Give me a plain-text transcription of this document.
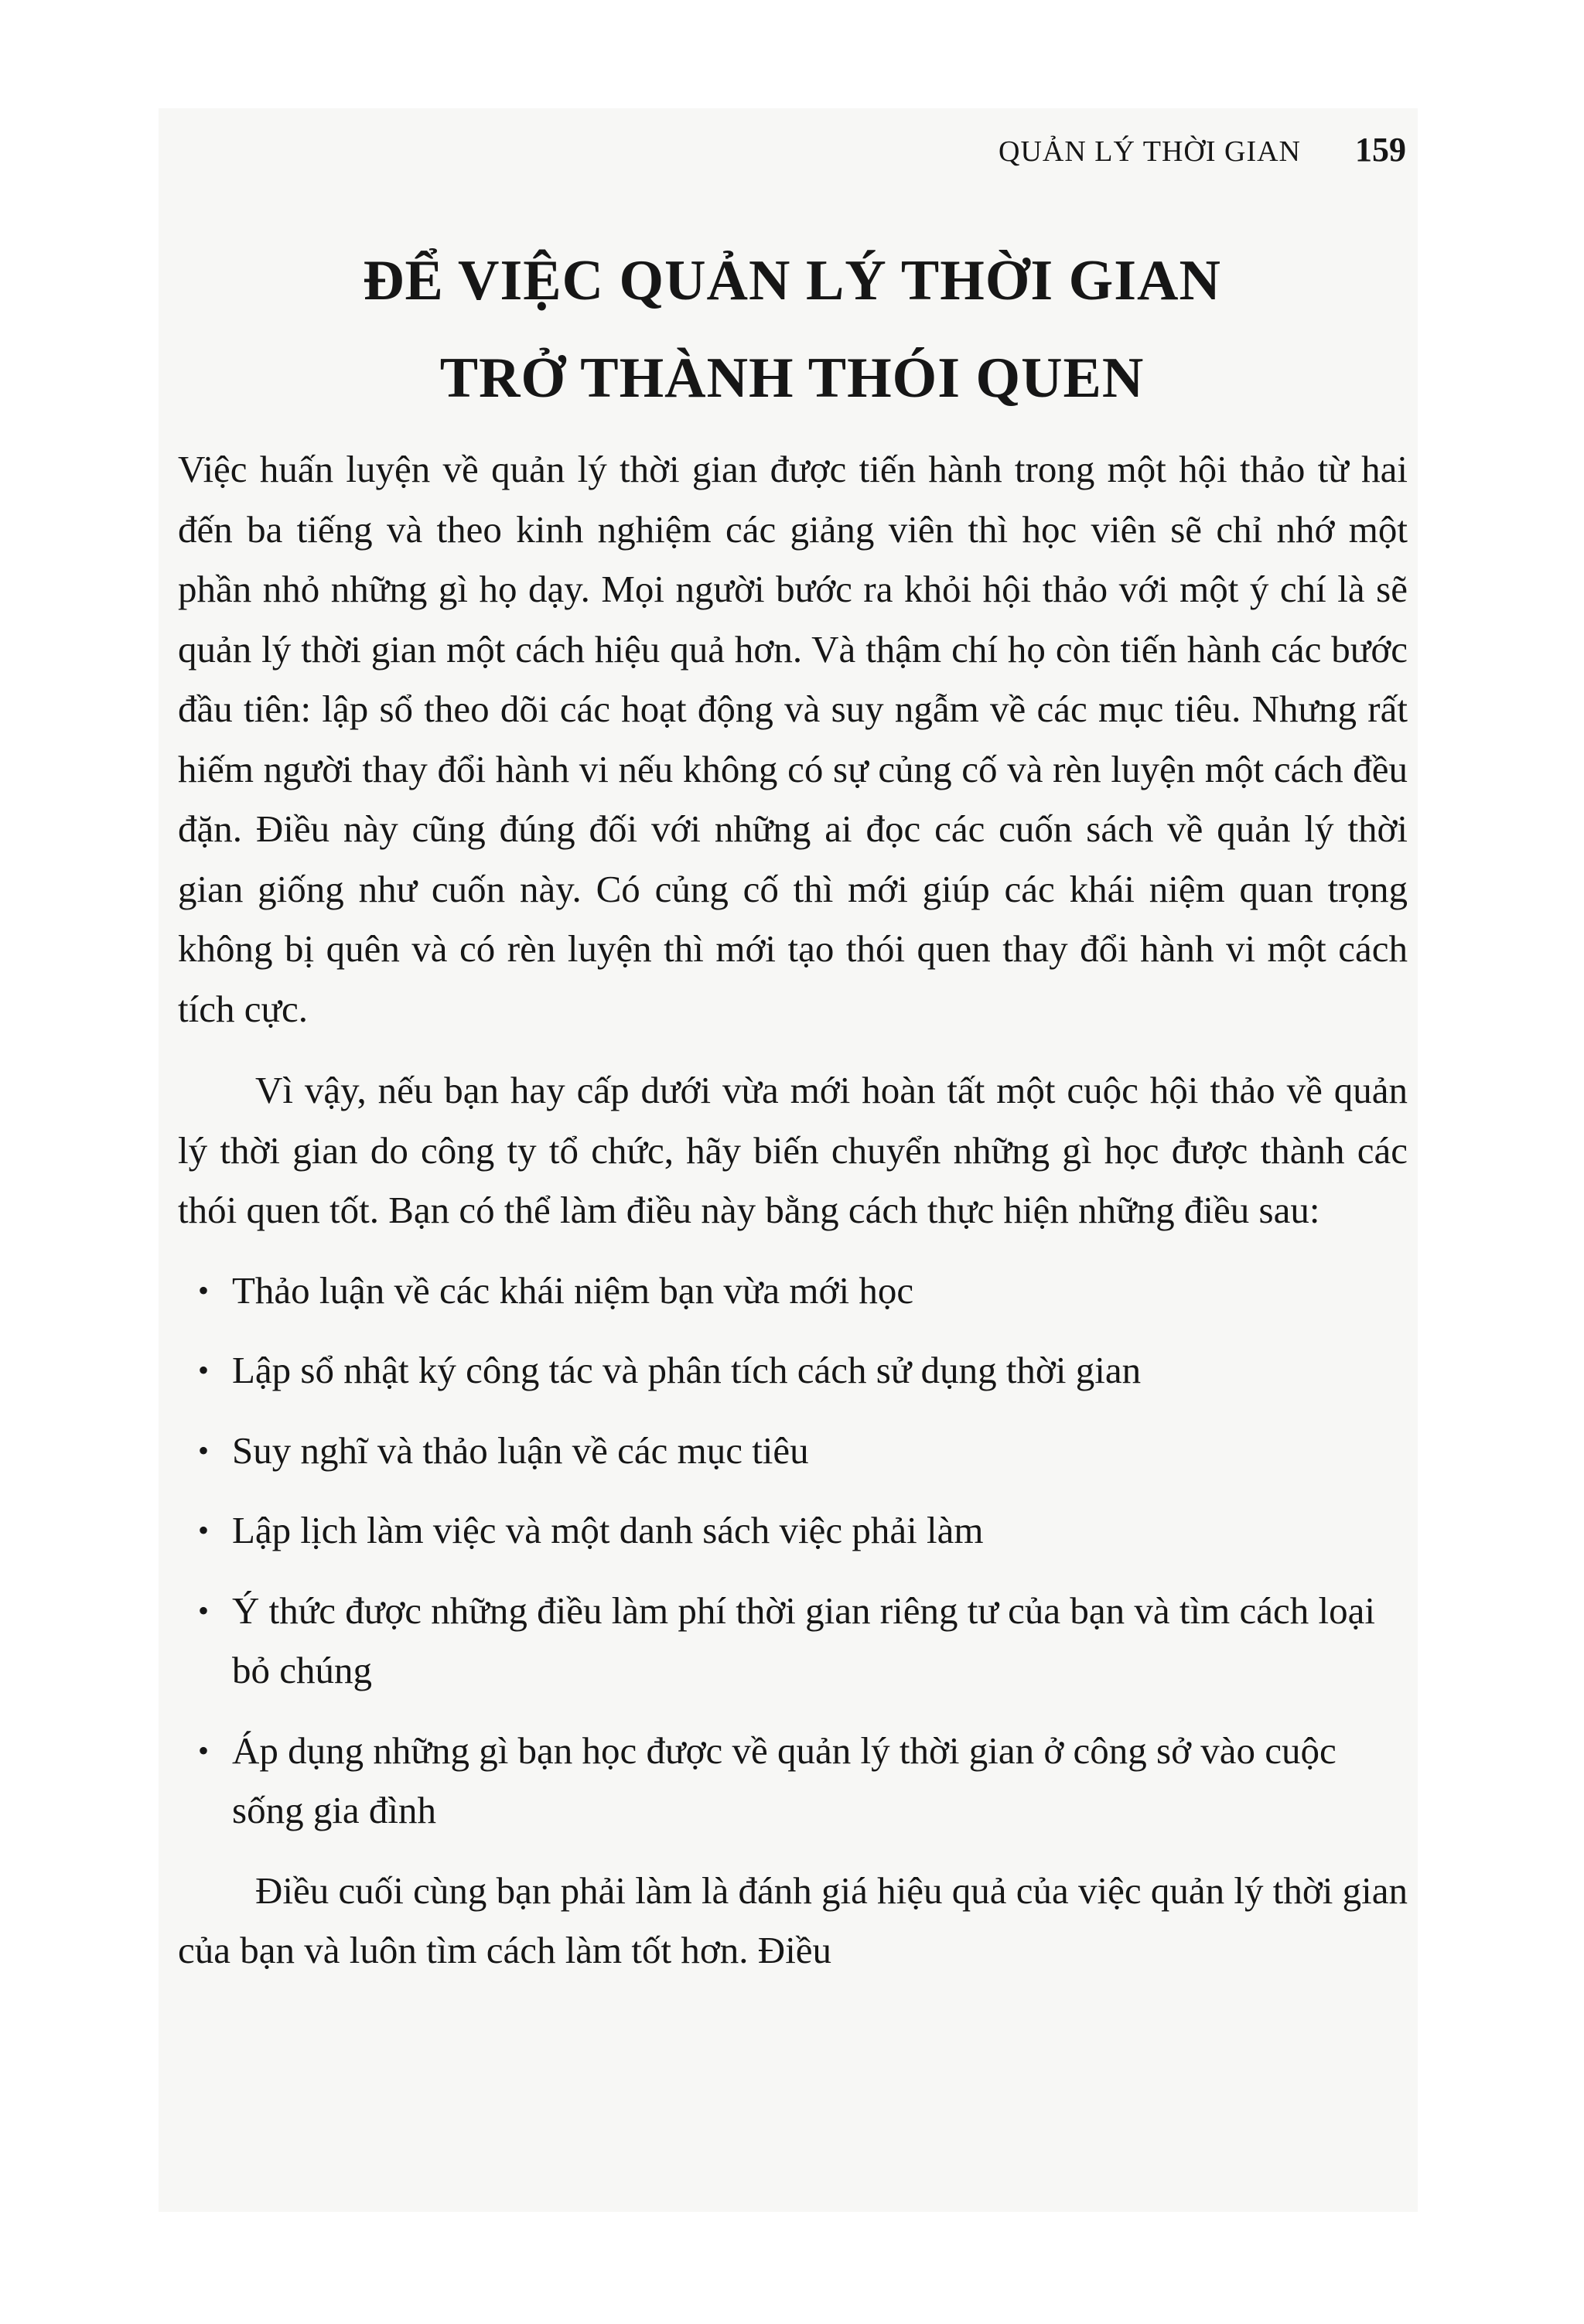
QUẢN LÝ THỜI GIAN 159
ĐỂ VIỆC QUẢN LÝ THỜI GIAN
TRỞ THÀNH THÓI QUEN

Việc huấn luyện về quản lý thời gian được tiến hành trong một hội thảo từ hai đến ba tiếng và theo kinh nghiệm các giảng viên thì học viên sẽ chỉ nhớ một phần nhỏ những gì họ dạy. Mọi người bước ra khỏi hội thảo với một ý chí là sẽ quản lý thời gian một cách hiệu quả hơn. Và thậm chí họ còn tiến hành các bước đầu tiên: lập sổ theo dõi các hoạt động và suy ngẫm về các mục tiêu. Nhưng rất hiếm người thay đổi hành vi nếu không có sự củng cố và rèn luyện một cách đều đặn. Điều này cũng đúng đối với những ai đọc các cuốn sách về quản lý thời gian giống như cuốn này. Có củng cố thì mới giúp các khái niệm quan trọng không bị quên và có rèn luyện thì mới tạo thói quen thay đổi hành vi một cách tích cực.

Vì vậy, nếu bạn hay cấp dưới vừa mới hoàn tất một cuộc hội thảo về quản lý thời gian do công ty tổ chức, hãy biến chuyển những gì học được thành các thói quen tốt. Bạn có thể làm điều này bằng cách thực hiện những điều sau:

• Thảo luận về các khái niệm bạn vừa mới học
• Lập sổ nhật ký công tác và phân tích cách sử dụng thời gian
• Suy nghĩ và thảo luận về các mục tiêu
• Lập lịch làm việc và một danh sách việc phải làm
• Ý thức được những điều làm phí thời gian riêng tư của bạn và tìm cách loại bỏ chúng
• Áp dụng những gì bạn học được về quản lý thời gian ở công sở vào cuộc sống gia đình

Điều cuối cùng bạn phải làm là đánh giá hiệu quả của việc quản lý thời gian của bạn và luôn tìm cách làm tốt hơn. Điều
